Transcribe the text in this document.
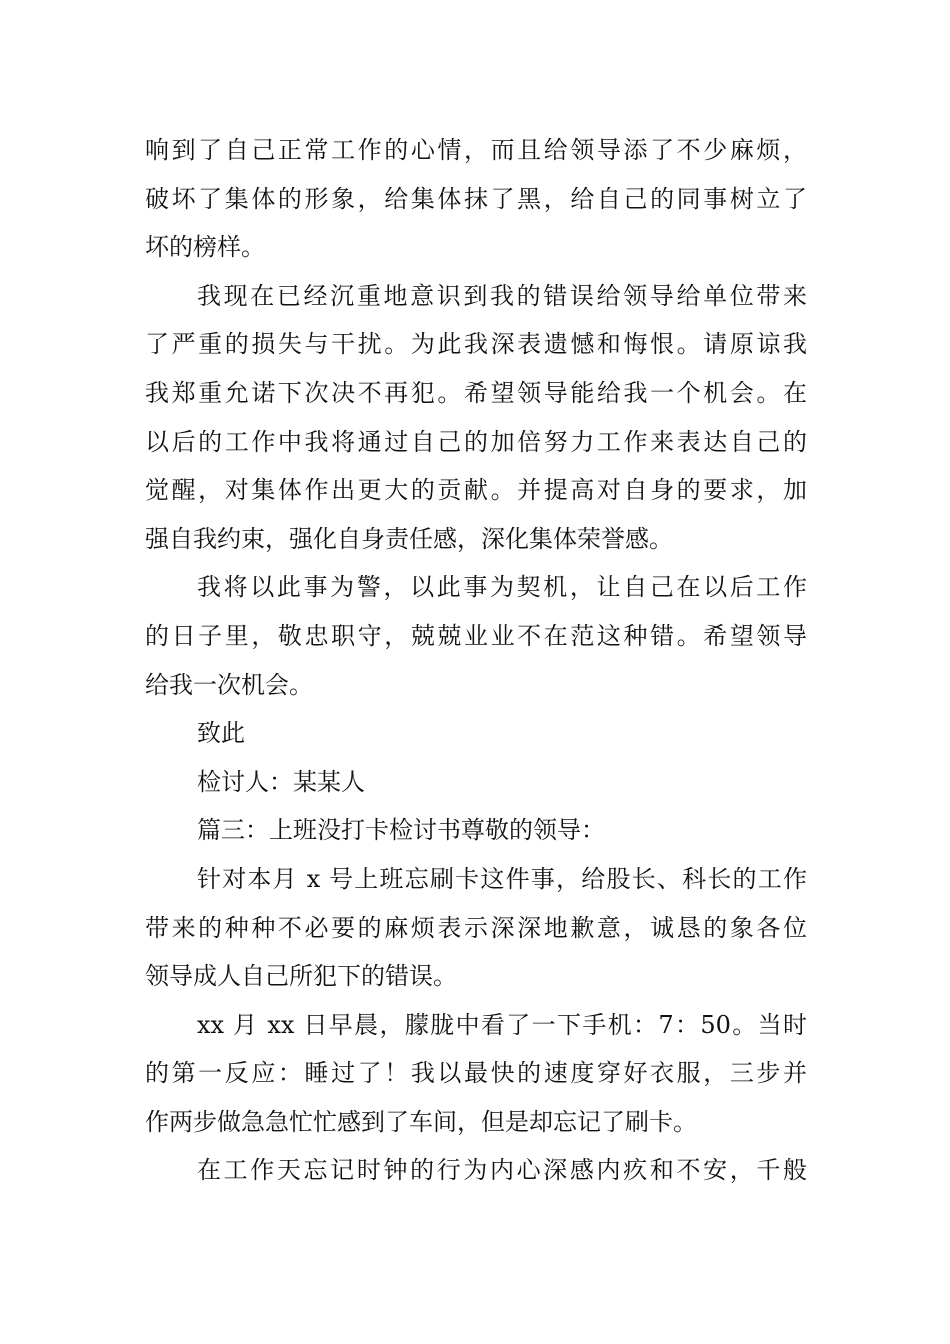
响到了自己正常工作的心情，而且给领导添了不少麻烦，
破坏了集体的形象，给集体抹了黑，给自己的同事树立了
坏的榜样。
我现在已经沉重地意识到我的错误给领导给单位带来
了严重的损失与干扰。为此我深表遗憾和悔恨。请原谅我
我郑重允诺下次决不再犯。希望领导能给我一个机会。在
以后的工作中我将通过自己的加倍努力工作来表达自己的
觉醒，对集体作出更大的贡献。并提高对自身的要求，加
强自我约束，强化自身责任感，深化集体荣誉感。
我将以此事为警，以此事为契机，让自己在以后工作
的日子里，敬忠职守，兢兢业业不在范这种错。希望领导
给我一次机会。
致此
检讨人：某某人
篇三：上班没打卡检讨书尊敬的领导：
针对本月 x 号上班忘刷卡这件事，给股长、科长的工作
带来的种种不必要的麻烦表示深深地歉意，诚恳的象各位
领导成人自己所犯下的错误。
xx 月 xx 日早晨，朦胧中看了一下手机：7：50。当时
的第一反应：睡过了！我以最快的速度穿好衣服，三步并
作两步做急急忙忙感到了车间，但是却忘记了刷卡。
在工作天忘记时钟的行为内心深感内疚和不安，千般
